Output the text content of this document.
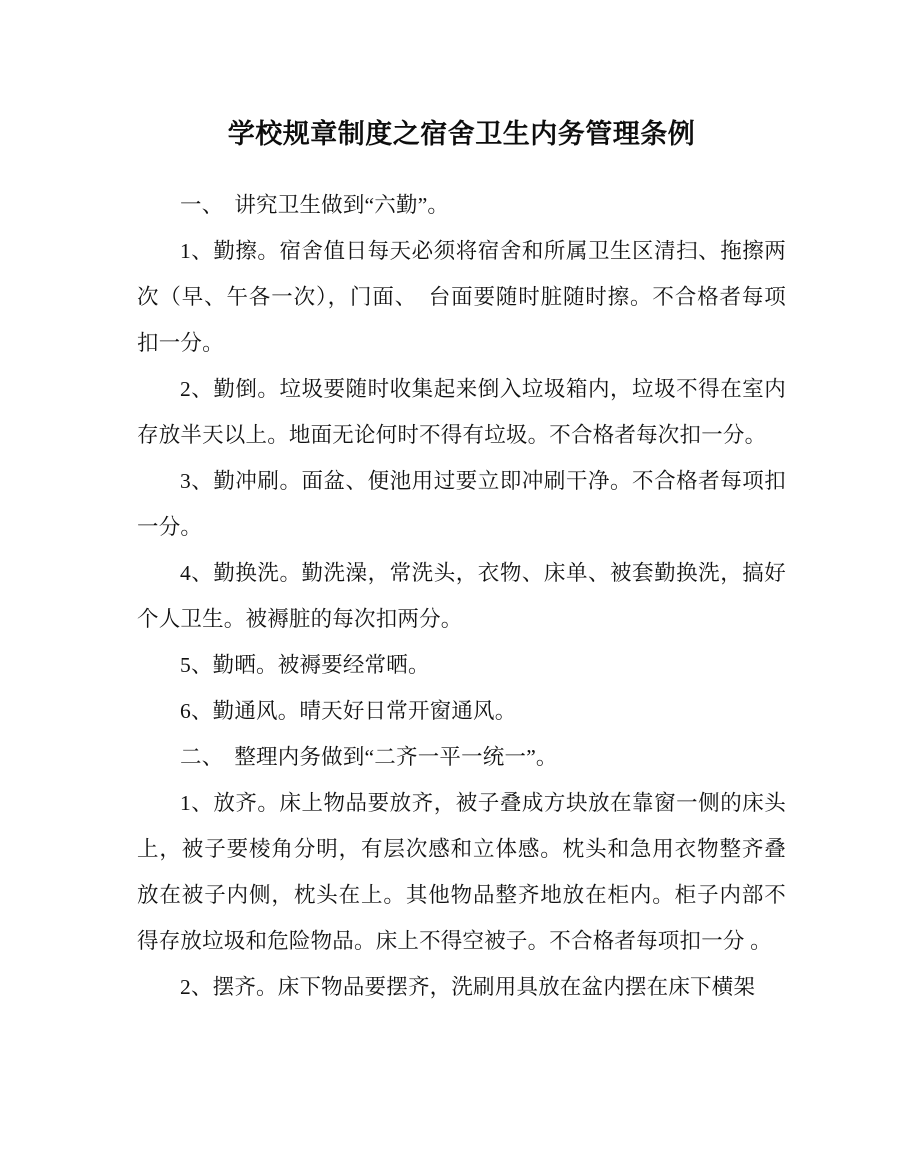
学校规章制度之宿舍卫生内务管理条例

一、　讲究卫生做到“六勤”。

1、勤擦。宿舍值日每天必须将宿舍和所属卫生区清扫、拖擦两次（早、午各一次），门面、　台面要随时脏随时擦。不合格者每项扣一分。

2、勤倒。垃圾要随时收集起来倒入垃圾箱内，垃圾不得在室内存放半天以上。地面无论何时不得有垃圾。不合格者每次扣一分。

3、勤冲刷。面盆、便池用过要立即冲刷干净。不合格者每项扣一分。

4、勤换洗。勤洗澡，常洗头，衣物、床单、被套勤换洗，搞好个人卫生。被褥脏的每次扣两分。

5、勤晒。被褥要经常晒。

6、勤通风。晴天好日常开窗通风。

二、　整理内务做到“二齐一平一统一”。

1、放齐。床上物品要放齐，被子叠成方块放在靠窗一侧的床头上，被子要棱角分明，有层次感和立体感。枕头和急用衣物整齐叠放在被子内侧，枕头在上。其他物品整齐地放在柜内。柜子内部不得存放垃圾和危险物品。床上不得空被子。不合格者每项扣一分 。

2、摆齐。床下物品要摆齐，洗刷用具放在盆内摆在床下横架
